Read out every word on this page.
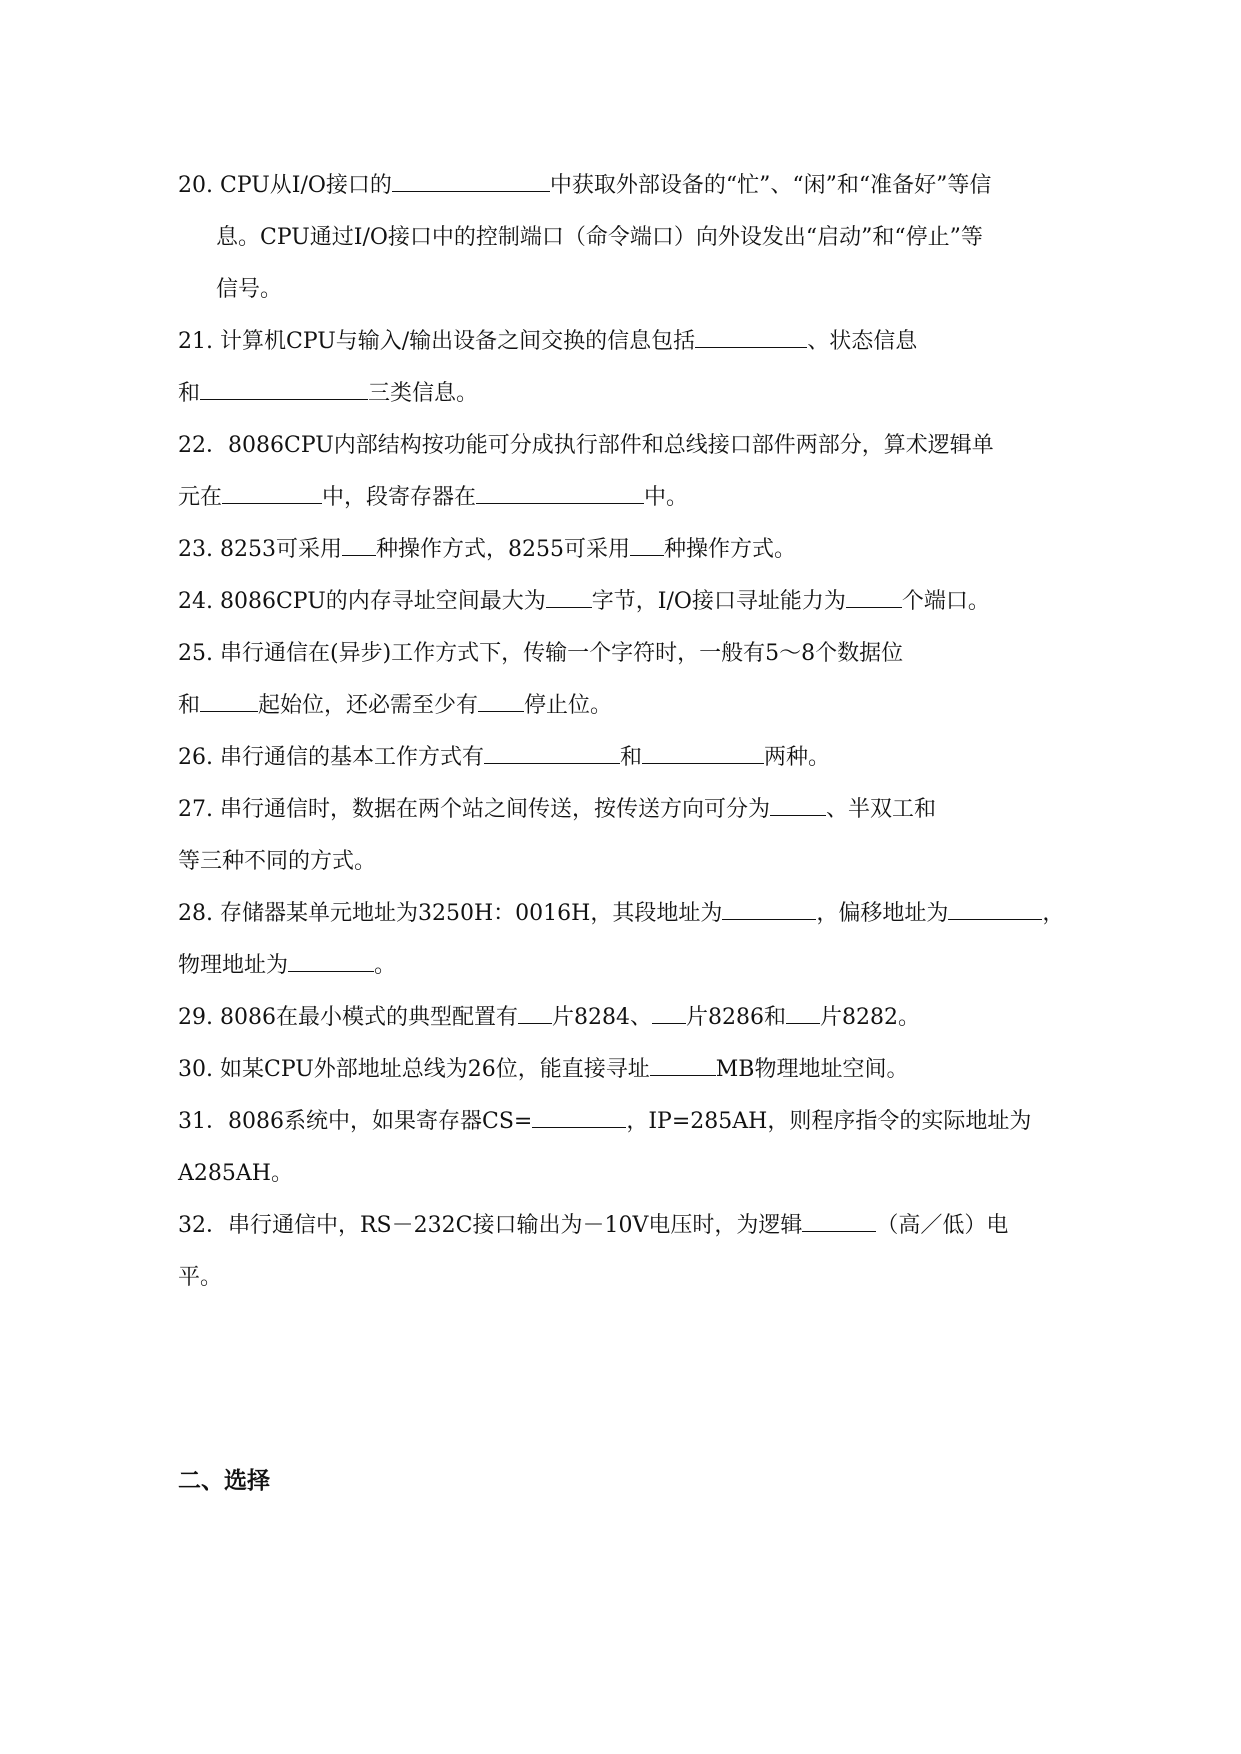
20. CPU从I/O接口的	中获取外部设备的“忙”、“闲”和“准备好”等信
息。CPU通过I/O接口中的控制端口（命令端口）向外设发出“启动”和“停止”等
信号。
21. 计算机CPU与输入/输出设备之间交换的信息包括	、状态信息
和	三类信息。
22．8086CPU内部结构按功能可分成执行部件和总线接口部件两部分，算术逻辑单
元在	中，段寄存器在	中。
23. 8253可采用 种操作方式，8255可采用 种操作方式。
24. 8086CPU的内存寻址空间最大为 字节，I/O接口寻址能力为	个端口。
25. 串行通信在(异步)工作方式下，传输一个字符时，一般有5～8个数据位
和	起始位，还必需至少有 停止位。
26. 串行通信的基本工作方式有	和	两种。
27. 串行通信时，数据在两个站之间传送，按传送方向可分为	、半双工和
等三种不同的方式。
28. 存储器某单元地址为3250H：0016H，其段地址为	，偏移地址为	，
物理地址为	。
29. 8086在最小模式的典型配置有 片8284、 片8286和 片8282。
30. 如某CPU外部地址总线为26位，能直接寻址	MB物理地址空间。
31．8086系统中，如果寄存器CS=	，IP=285AH，则程序指令的实际地址为
A285AH。
32．串行通信中，RS－232C接口输出为－10V电压时，为逻辑	（高／低）电
平。
二、选择
